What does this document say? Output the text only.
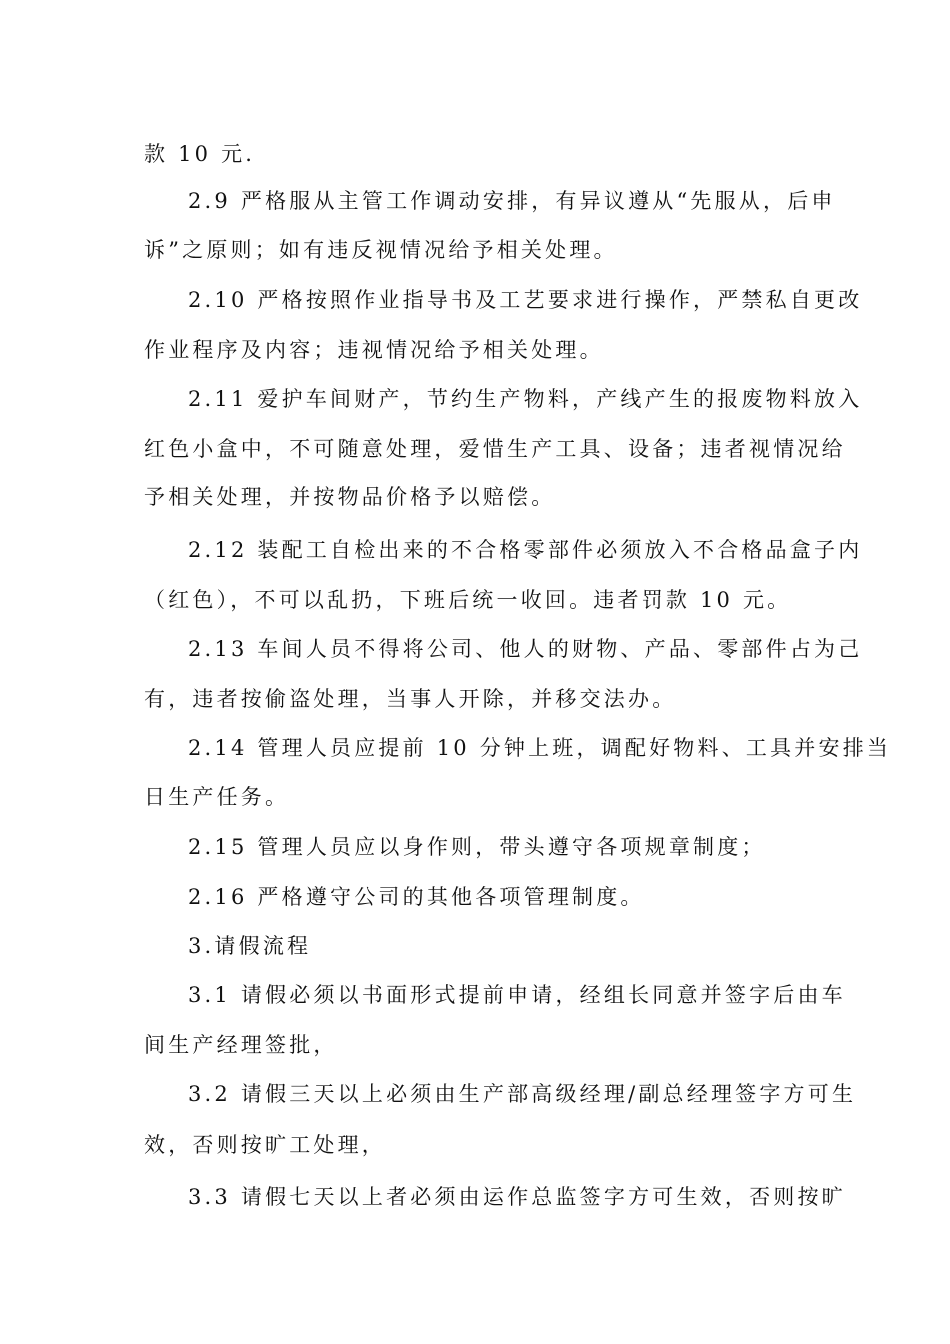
款 10 元.
2.9 严格服从主管工作调动安排，有异议遵从“先服从，后申
诉”之原则；如有违反视情况给予相关处理。
2.10 严格按照作业指导书及工艺要求进行操作，严禁私自更改
作业程序及内容；违视情况给予相关处理。
2.11 爱护车间财产，节约生产物料，产线产生的报废物料放入
红色小盒中，不可随意处理，爱惜生产工具、设备；违者视情况给
予相关处理，并按物品价格予以赔偿。
2.12 装配工自检出来的不合格零部件必须放入不合格品盒子内
（红色），不可以乱扔，下班后统一收回。违者罚款 10 元。
2.13 车间人员不得将公司、他人的财物、产品、零部件占为己
有，违者按偷盗处理，当事人开除，并移交法办。
2.14 管理人员应提前 10 分钟上班，调配好物料、工具并安排当
日生产任务。
2.15 管理人员应以身作则，带头遵守各项规章制度；
2.16 严格遵守公司的其他各项管理制度。
3.请假流程
3.1 请假必须以书面形式提前申请，经组长同意并签字后由车
间生产经理签批，
3.2 请假三天以上必须由生产部高级经理/副总经理签字方可生
效，否则按旷工处理，
3.3 请假七天以上者必须由运作总监签字方可生效，否则按旷
